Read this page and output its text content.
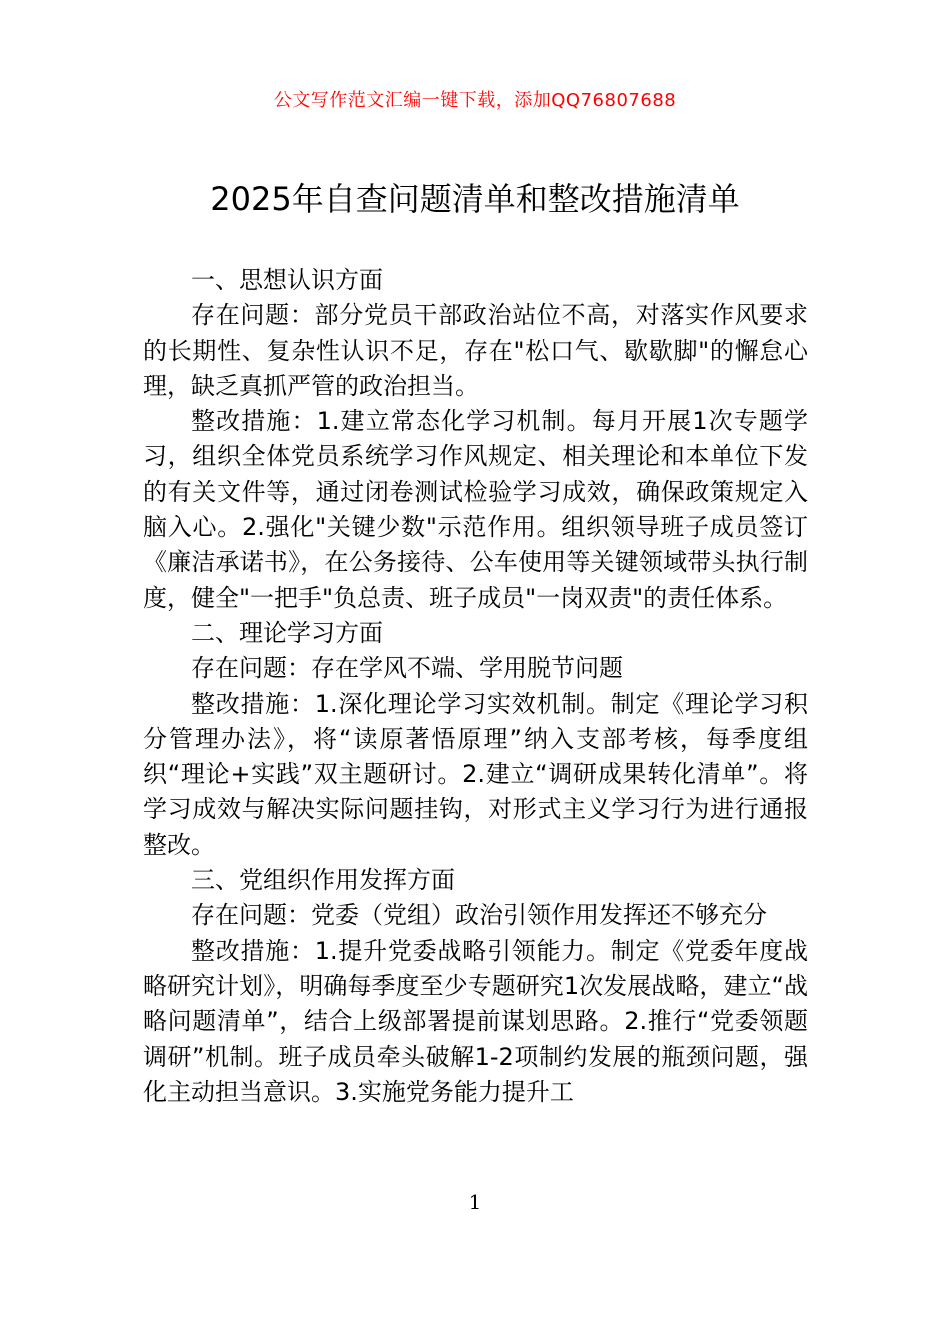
公文写作范文汇编一键下载，添加QQ76807688
2025年自查问题清单和整改措施清单

一、思想认识方面

存在问题：部分党员干部政治站位不高，对落实作风要求的长期性、复杂性认识不足，存在"松口气、歇歇脚"的懈怠心理，缺乏真抓严管的政治担当。

整改措施：1.建立常态化学习机制。每月开展1次专题学习，组织全体党员系统学习作风规定、相关理论和本单位下发的有关文件等，通过闭卷测试检验学习成效，确保政策规定入脑入心。2.强化"关键少数"示范作用。组织领导班子成员签订《廉洁承诺书》，在公务接待、公车使用等关键领域带头执行制度，健全"一把手"负总责、班子成员"一岗双责"的责任体系。

二、理论学习方面

存在问题：存在学风不端、学用脱节问题

整改措施：1.深化理论学习实效机制。制定《理论学习积分管理办法》，将“读原著悟原理”纳入支部考核，每季度组织“理论+实践”双主题研讨。2.建立“调研成果转化清单”。将学习成效与解决实际问题挂钩，对形式主义学习行为进行通报整改。

三、党组织作用发挥方面

存在问题：党委（党组）政治引领作用发挥还不够充分

整改措施：1.提升党委战略引领能力。制定《党委年度战略研究计划》，明确每季度至少专题研究1次发展战略，建立“战略问题清单”，结合上级部署提前谋划思路。2.推行“党委领题调研”机制。班子成员牵头破解1-2项制约发展的瓶颈问题，强化主动担当意识。3.实施党务能力提升工

1
